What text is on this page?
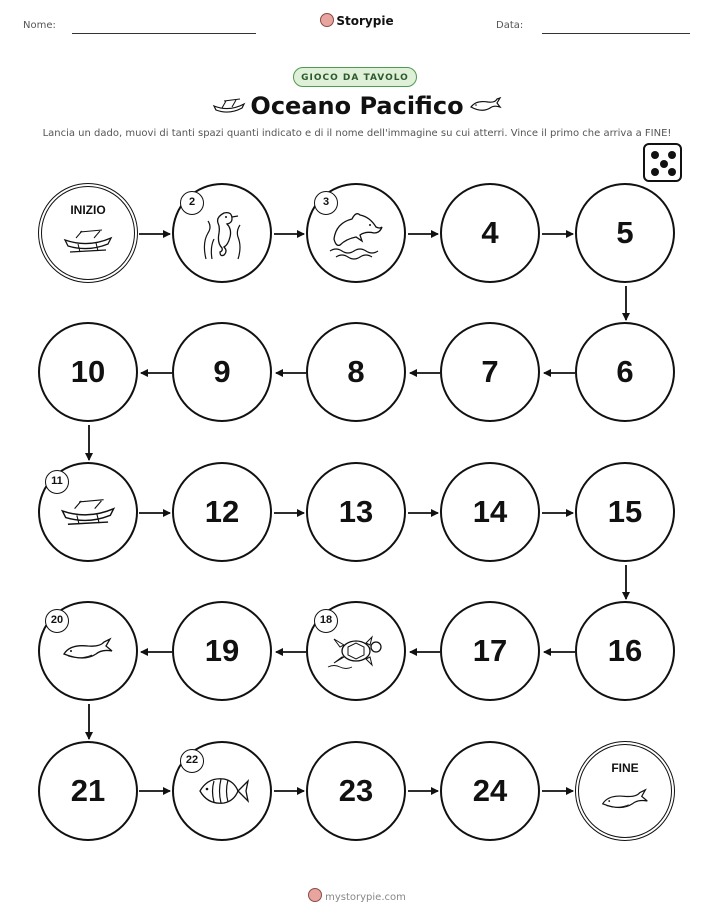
Nome:	Storypie	Data:
GIOCO DA TAVOLO
Oceano Pacifico
Lancia un dado, muovi di tanti spazi quanti indicato e di il nome dell'immagine su cui atterri. Vince il primo che arriva a FINE!
INIZIO
2	3
4	5
10	9	8	7	6
11
12	13	14	15
20
19
18
17	16
21
22
23	24
FINE
mystorypie.com
